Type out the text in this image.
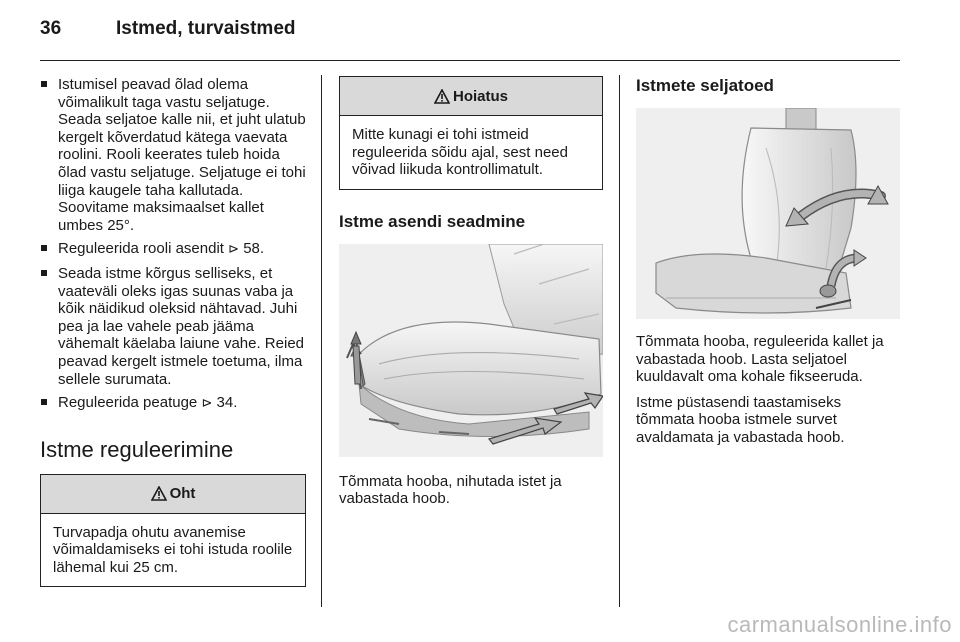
36	Istmed, turvaistmed
Istumisel peavad õlad olema võimalikult taga vastu seljatuge. Seada seljatoe kalle nii, et juht ulatub kergelt kõverdatud kätega vaevata roolini. Rooli keerates tuleb hoida õlad vastu seljatuge. Seljatuge ei tohi liiga kaugele taha kallutada. Soovitame maksimaalset kallet umbes 25°.
Reguleerida rooli asendit ⊳ 58.
Seada istme kõrgus selliseks, et vaateväli oleks igas suunas vaba ja kõik näidikud oleksid nähtavad. Juhi pea ja lae vahele peab jääma vähemalt käelaba laiune vahe. Reied peavad kergelt istmele toetuma, ilma sellele surumata.
Reguleerida peatuge ⊳ 34.
Istme reguleerimine
Oht
Turvapadja ohutu avanemise võimaldamiseks ei tohi istuda roolile lähemal kui 25 cm.
Hoiatus
Mitte kunagi ei tohi istmeid reguleerida sõidu ajal, sest need võivad liikuda kontrollimatult.
Istme asendi seadmine

Tõmmata hooba, nihutada istet ja vabastada hoob.

Istmete seljatoed

Tõmmata hooba, reguleerida kallet ja vabastada hoob. Lasta seljatoel kuuldavalt oma kohale fikseeruda.

Istme püstasendi taastamiseks tõmmata hooba istmele survet avaldamata ja vabastada hoob.

carmanualsonline.info
